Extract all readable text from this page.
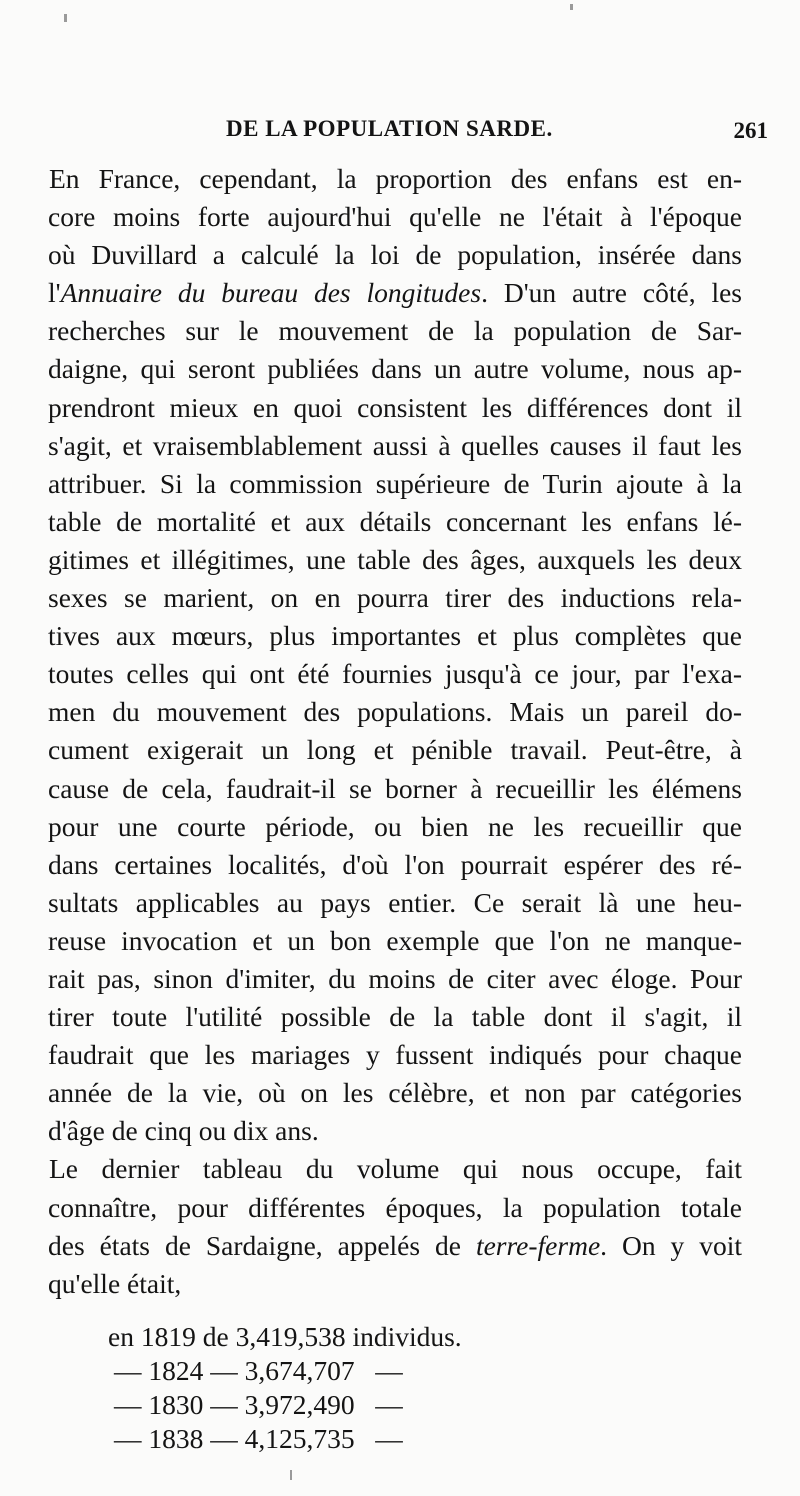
DE LA POPULATION SARDE.	261
En France, cependant, la proportion des enfans est en-
core moins forte aujourd'hui qu'elle ne l'était à l'époque
où Duvillard a calculé la loi de population, insérée dans
l'Annuaire du bureau des longitudes. D'un autre côté, les
recherches sur le mouvement de la population de Sar-
daigne, qui seront publiées dans un autre volume, nous ap-
prendront mieux en quoi consistent les différences dont il
s'agit, et vraisemblablement aussi à quelles causes il faut les
attribuer. Si la commission supérieure de Turin ajoute à la
table de mortalité et aux détails concernant les enfans lé-
gitimes et illégitimes, une table des âges, auxquels les deux
sexes se marient, on en pourra tirer des inductions rela-
tives aux mœurs, plus importantes et plus complètes que
toutes celles qui ont été fournies jusqu'à ce jour, par l'exa-
men du mouvement des populations. Mais un pareil do-
cument exigerait un long et pénible travail. Peut-être, à
cause de cela, faudrait-il se borner à recueillir les élémens
pour une courte période, ou bien ne les recueillir que
dans certaines localités, d'où l'on pourrait espérer des ré-
sultats applicables au pays entier. Ce serait là une heu-
reuse invocation et un bon exemple que l'on ne manque-
rait pas, sinon d'imiter, du moins de citer avec éloge. Pour
tirer toute l'utilité possible de la table dont il s'agit, il
faudrait que les mariages y fussent indiqués pour chaque
année de la vie, où on les célèbre, et non par catégories
d'âge de cinq ou dix ans.
Le dernier tableau du volume qui nous occupe, fait
connaître, pour différentes époques, la population totale
des états de Sardaigne, appelés de terre-ferme. On y voit
qu'elle était,
en 1819 de 3,419,538 individus.
— 1824 — 3,674,707 —
— 1830 — 3,972,490 —
— 1838 — 4,125,735 —
